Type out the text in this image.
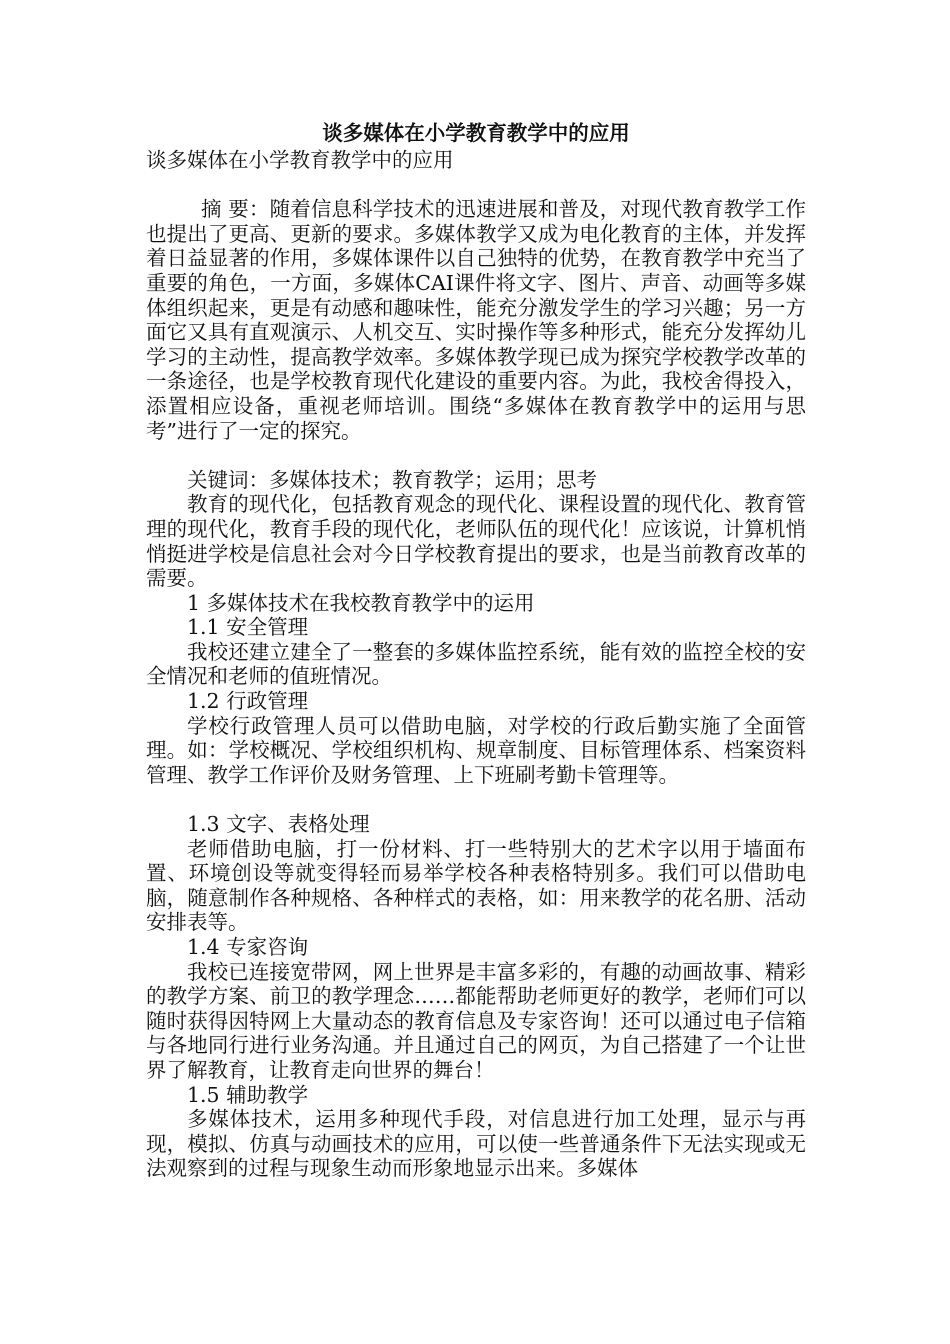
谈多媒体在小学教育教学中的应用

谈多媒体在小学教育教学中的应用

摘 要：随着信息科学技术的迅速进展和普及，对现代教育教学工作也提出了更高、更新的要求。多媒体教学又成为电化教育的主体，并发挥着日益显著的作用，多媒体课件以自己独特的优势，在教育教学中充当了重要的角色，一方面，多媒体CAI课件将文字、图片、声音、动画等多媒体组织起来，更是有动感和趣味性，能充分激发学生的学习兴趣；另一方面它又具有直观演示、人机交互、实时操作等多种形式，能充分发挥幼儿学习的主动性，提高教学效率。多媒体教学现已成为探究学校教学改革的一条途径，也是学校教育现代化建设的重要内容。为此，我校舍得投入，添置相应设备，重视老师培训。围绕“多媒体在教育教学中的运用与思考”进行了一定的探究。

关键词：多媒体技术；教育教学；运用；思考

教育的现代化，包括教育观念的现代化、课程设置的现代化、教育管理的现代化，教育手段的现代化，老师队伍的现代化！应该说，计算机悄悄挺进学校是信息社会对今日学校教育提出的要求，也是当前教育改革的需要。

1 多媒体技术在我校教育教学中的运用

1.1 安全管理

我校还建立建全了一整套的多媒体监控系统，能有效的监控全校的安全情况和老师的值班情况。

1.2 行政管理

学校行政管理人员可以借助电脑，对学校的行政后勤实施了全面管理。如：学校概况、学校组织机构、规章制度、目标管理体系、档案资料管理、教学工作评价及财务管理、上下班刷考勤卡管理等。

1.3 文字、表格处理

老师借助电脑，打一份材料、打一些特别大的艺术字以用于墙面布置、环境创设等就变得轻而易举学校各种表格特别多。我们可以借助电脑，随意制作各种规格、各种样式的表格，如：用来教学的花名册、活动安排表等。

1.4 专家咨询

我校已连接宽带网，网上世界是丰富多彩的，有趣的动画故事、精彩的教学方案、前卫的教学理念……都能帮助老师更好的教学，老师们可以随时获得因特网上大量动态的教育信息及专家咨询！还可以通过电子信箱与各地同行进行业务沟通。并且通过自己的网页，为自己搭建了一个让世界了解教育，让教育走向世界的舞台！

1.5 辅助教学

多媒体技术，运用多种现代手段，对信息进行加工处理，显示与再现，模拟、仿真与动画技术的应用，可以使一些普通条件下无法实现或无法观察到的过程与现象生动而形象地显示出来。多媒体
